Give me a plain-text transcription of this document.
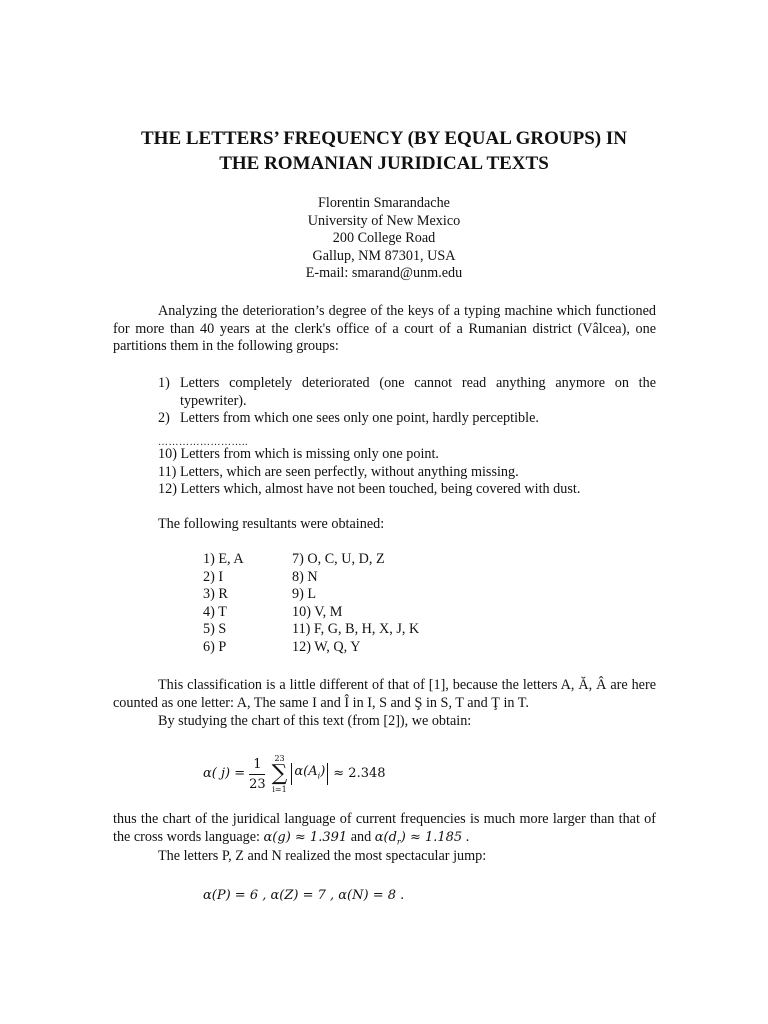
THE LETTERS’ FREQUENCY (BY EQUAL GROUPS) IN
THE ROMANIAN JURIDICAL TEXTS
Florentin Smarandache
University of New Mexico
200 College Road
Gallup, NM 87301, USA
E-mail: smarand@unm.edu
Analyzing the deterioration’s degree of the keys of a typing machine which functioned for more than 40 years at the clerk's office of a court of a Rumanian district (Vâlcea), one partitions them in the following groups:
1) Letters completely deteriorated (one cannot read anything anymore on the typewriter).
2) Letters from which one sees only one point, hardly perceptible.
……………………..
10) Letters from which is missing only one point.
11) Letters, which are seen perfectly, without anything missing.
12) Letters which, almost have not been touched, being covered with dust.
The following resultants were obtained:
1) E, A	7) O, C, U, D, Z
2) I	8) N
3) R	9) L
4) T	10) V, M
5) S	11) F, G, B, H, X, J, K
6) P	12) W, Q, Y
This classification is a little different of that of [1], because the letters A, Ă, Â are here counted as one letter: A, The same I and Î in I, S and Ş in S, T and Ţ in T.
By studying the chart of this text (from [2]), we obtain:
α( $j) = \frac{1}{23} 23$
∑
i=1
$\alpha(A_i) \approx 2.348$
thus the chart of the juridical language of current frequencies is much more larger than that of the cross words language: α(g) ≈ 1.391 and $\alpha(d_r) \approx 1.185$ .
The letters P, Z and N realized the most spectacular jump:
α(P) = 6 , α(Z) = 7 , α(N) = 8 .
